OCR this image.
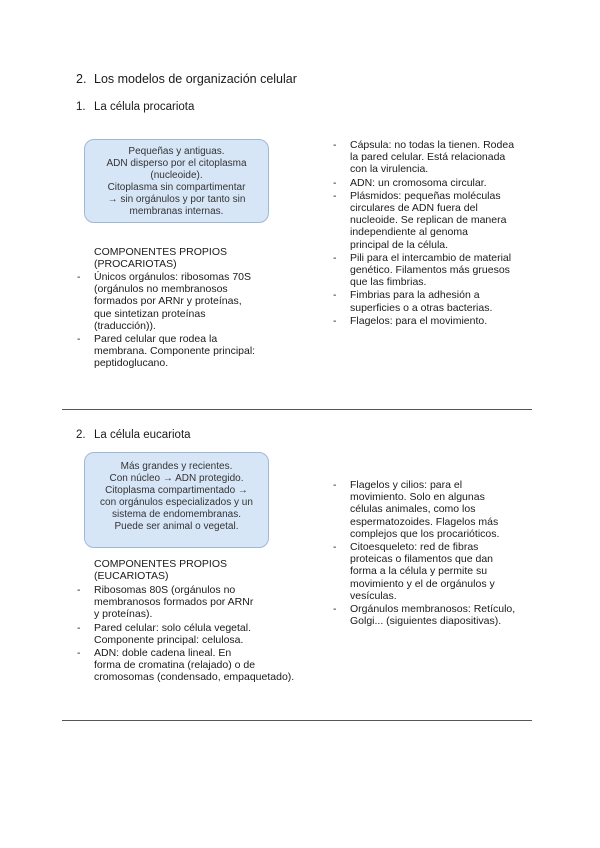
2. Los modelos de organización celular
1. La célula procariota
Pequeñas y antiguas.
ADN disperso por el citoplasma
(nucleoide).
Citoplasma sin compartimentar
→ sin orgánulos y por tanto sin
membranas internas.
COMPONENTES PROPIOS
(PROCARIOTAS)
- Únicos orgánulos: ribosomas 70S
(orgánulos no membranosos
formados por ARNr y proteínas,
que sintetizan proteínas
(traducción)).
- Pared celular que rodea la
membrana. Componente principal:
peptidoglucano.
- Cápsula: no todas la tienen. Rodea
la pared celular. Está relacionada
con la virulencia.
- ADN: un cromosoma circular.
- Plásmidos: pequeñas moléculas
circulares de ADN fuera del
nucleoide. Se replican de manera
independiente al genoma
principal de la célula.
- Pili para el intercambio de material
genético. Filamentos más gruesos
que las fimbrias.
- Fimbrias para la adhesión a
superficies o a otras bacterias.
- Flagelos: para el movimiento.
2. La célula eucariota
Más grandes y recientes.
Con núcleo → ADN protegido.
Citoplasma compartimentado →
con orgánulos especializados y un
sistema de endomembranas.
Puede ser animal o vegetal.
COMPONENTES PROPIOS
(EUCARIOTAS)
- Ribosomas 80S (orgánulos no
membranosos formados por ARNr
y proteínas).
- Pared celular: solo célula vegetal.
Componente principal: celulosa.
- ADN: doble cadena lineal. En
forma de cromatina (relajado) o de
cromosomas (condensado, empaquetado).
- Flagelos y cilios: para el
movimiento. Solo en algunas
células animales, como los
espermatozoides. Flagelos más
complejos que los procarióticos.
- Citoesqueleto: red de fibras
proteicas o filamentos que dan
forma a la célula y permite su
movimiento y el de orgánulos y
vesículas.
- Orgánulos membranosos: Retículo,
Golgi... (siguientes diapositivas).
